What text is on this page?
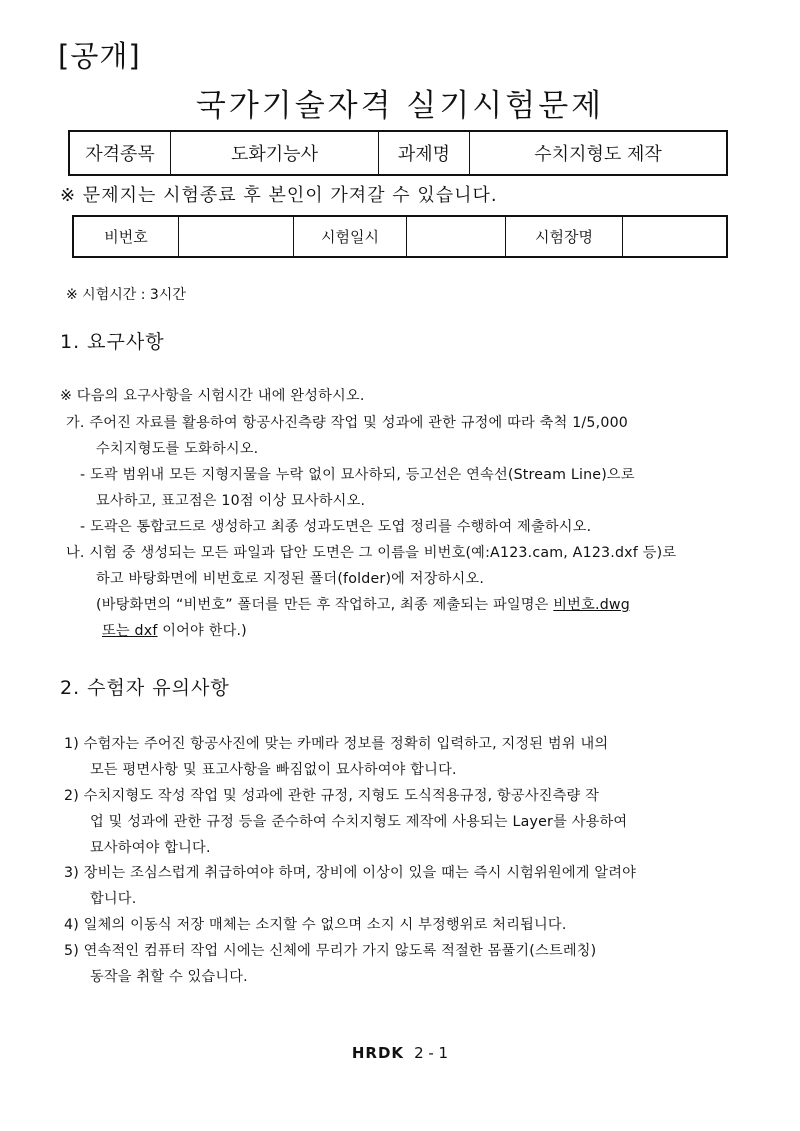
[공개]
국가기술자격 실기시험문제
자격종목	도화기능사	과제명	수치지형도 제작
※ 문제지는 시험종료 후 본인이 가져갈 수 있습니다.
비번호		시험일시		시험장명	
※ 시험시간 : 3시간
1. 요구사항
※ 다음의 요구사항을 시험시간 내에 완성하시오.
가. 주어진 자료를 활용하여 항공사진측량 작업 및 성과에 관한 규정에 따라 축척 1/5,000
수치지형도를 도화하시오.
- 도곽 범위내 모든 지형지물을 누락 없이 묘사하되, 등고선은 연속선(Stream Line)으로
묘사하고, 표고점은 10점 이상 묘사하시오.
- 도곽은 통합코드로 생성하고 최종 성과도면은 도엽 정리를 수행하여 제출하시오.
나. 시험 중 생성되는 모든 파일과 답안 도면은 그 이름을 비번호(예:A123.cam, A123.dxf 등)로
하고 바탕화면에 비번호로 지정된 폴더(folder)에 저장하시오.
(바탕화면의 “비번호” 폴더를 만든 후 작업하고, 최종 제출되는 파일명은 비번호.dwg
또는 dxf 이어야 한다.)
2. 수험자 유의사항
1) 수험자는 주어진 항공사진에 맞는 카메라 정보를 정확히 입력하고, 지정된 범위 내의
모든 평면사항 및 표고사항을 빠짐없이 묘사하여야 합니다.
2) 수치지형도 작성 작업 및 성과에 관한 규정, 지형도 도식적용규정, 항공사진측량 작
업 및 성과에 관한 규정 등을 준수하여 수치지형도 제작에 사용되는 Layer를 사용하여
묘사하여야 합니다.
3) 장비는 조심스럽게 취급하여야 하며, 장비에 이상이 있을 때는 즉시 시험위원에게 알려야
합니다.
4) 일체의 이동식 저장 매체는 소지할 수 없으며 소지 시 부정행위로 처리됩니다.
5) 연속적인 컴퓨터 작업 시에는 신체에 무리가 가지 않도록 적절한 몸풀기(스트레칭)
동작을 취할 수 있습니다.
HRDK 2 - 1
